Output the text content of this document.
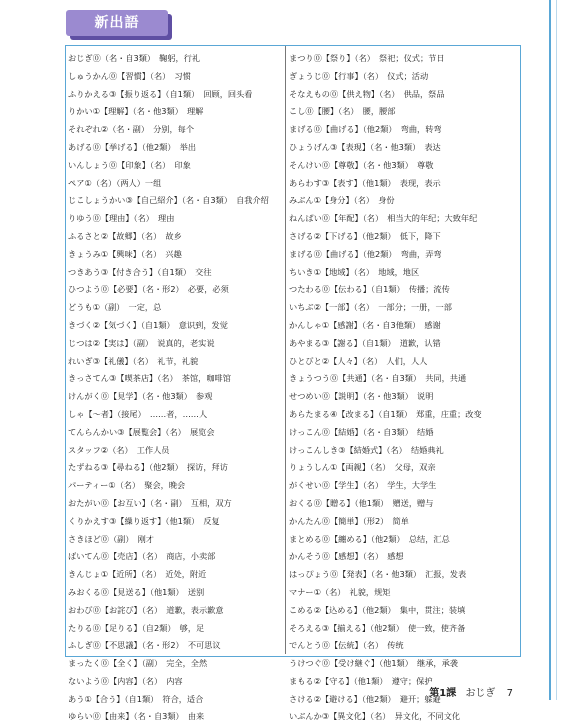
新出語
おじぎ⓪（名・自3類）　鞠躬，行礼
しゅうかん⓪【習慣】（名）　习惯
ふりかえる③【振り返る】（自1類）　回顾，回头看
りかい①【理解】（名・他3類）　理解
それぞれ②（名・副）　分别，每个
あげる⓪【挙げる】（他2類）　举出
いんしょう⓪【印象】（名）　印象
ペア①（名）（两人）一组
じこしょうかい③【自己紹介】（名・自3類）　自我介绍
りゆう⓪【理由】（名）　理由
ふるさと②【故郷】（名）　故乡
きょうみ①【興味】（名）　兴趣
つきあう③【付き合う】（自1類）　交往
ひつよう⓪【必要】（名・形2）　必要，必须
どうも①（副）　一定，总
きづく②【気づく】（自1類）　意识到，发觉
じつは②【実は】（副）　说真的，老实说
れいぎ③【礼儀】（名）　礼节，礼貌
きっさてん③【喫茶店】（名）　茶馆，咖啡馆
けんがく⓪【見学】（名・他3類）　参观
しゃ【～者】（接尾）　……者，……人
てんらんかい③【展覧会】（名）　展览会
スタッフ②（名）　工作人员
たずねる③【尋ねる】（他2類）　探访，拜访
パーティー①（名）　聚会，晚会
おたがい⓪【お互い】（名・副）　互相，双方
くりかえす③【繰り返す】（他1類）　反复
さきほど⓪（副）　刚才
ばいてん⓪【売店】（名）　商店，小卖部
きんじょ①【近所】（名）　近处，附近
みおくる⓪【見送る】（他1類）　送别
おわび⓪【お詫び】（名）　道歉，表示歉意
たりる⓪【足りる】（自2類）　够，足
ふしぎ⓪【不思議】（名・形2）　不可思议
まったく⓪【全く】（副）　完全，全然
ないよう⓪【内容】（名）　内容
あう①【合う】（自1類）　符合，适合
ゆらい⓪【由来】（名・自3類）　由来
まつり⓪【祭り】（名）　祭祀；仪式；节日
ぎょうじ⓪【行事】（名）　仪式；活动
そなえもの⓪【供え物】（名）　供品，祭品
こし⓪【腰】（名）　腰，腰部
まげる⓪【曲げる】（他2類）　弯曲，转弯
ひょうげん③【表現】（名・他3類）　表达
そんけい⓪【尊敬】（名・他3類）　尊敬
あらわす③【表す】（他1類）　表现，表示
みぶん①【身分】（名）　身份
ねんぱい⓪【年配】（名）　相当大的年纪；大致年纪
さげる②【下げる】（他2類）　低下，降下
まげる⓪【曲げる】（他2類）　弯曲，弄弯
ちいき①【地域】（名）　地域，地区
つたわる⓪【伝わる】（自1類）　传播；流传
いちぶ②【一部】（名）　一部分；一册，一部
かんしゃ①【感謝】（名・自3他類）　感谢
あやまる③【謝る】（自1類）　道歉，认错
ひとびと②【人々】（名）　人们，人人
きょうつう⓪【共通】（名・自3類）　共同，共通
せつめい⓪【説明】（名・他3類）　说明
あらたまる④【改まる】（自1類）　郑重，庄重；改变
けっこん⓪【結婚】（名・自3類）　结婚
けっこんしき③【結婚式】（名）　结婚典礼
りょうしん①【両親】（名）　父母，双亲
がくせい⓪【学生】（名）　学生，大学生
おくる⓪【贈る】（他1類）　赠送，赠与
かんたん⓪【簡単】（形2）　简单
まとめる⓪【纏める】（他2類）　总结，汇总
かんそう⓪【感想】（名）　感想
はっぴょう⓪【発表】（名・他3類）　汇报，发表
マナー①（名）　礼貌，规矩
こめる②【込める】（他2類）　集中，贯注；装填
そろえる③【揃える】（他2類）　使一致，使齐备
でんとう⓪【伝統】（名）　传统
うけつぐ⓪【受け継ぐ】（他1類）　继承，承袭
まもる②【守る】（他1類）　遵守；保护
さける②【避ける】（他2類）　避开；躲避
いぶんか③【異文化】（名）　异文化，不同文化
第1課 おじぎ 7
